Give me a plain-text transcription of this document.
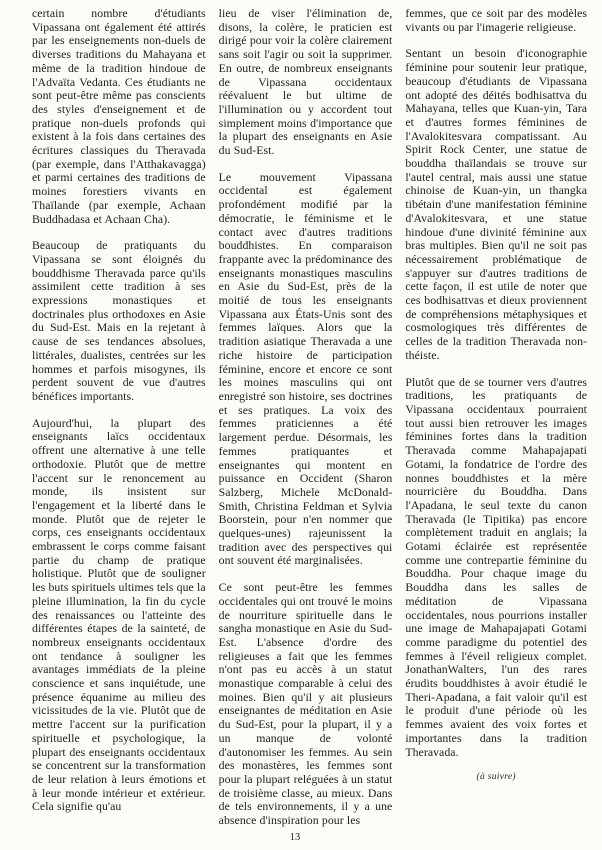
certain nombre d'étudiants Vipassana ont également été attirés par les enseignements non-duels de diverses traditions du Mahayana et même de la tradition hindoue de l'Advaïta Vedanta. Ces étudiants ne sont peut-être même pas conscients des styles d'enseignement et de pratique non-duels profonds qui existent à la fois dans certaines des écritures classiques du Theravada (par exemple, dans l'Atthakavagga) et parmi certaines des traditions de moines forestiers vivants en Thaïlande (par exemple, Achaan Buddhadasa et Achaan Cha).

Beaucoup de pratiquants du Vipassana se sont éloignés du bouddhisme Theravada parce qu'ils assimilent cette tradition à ses expressions monastiques et doctrinales plus orthodoxes en Asie du Sud-Est. Mais en la rejetant à cause de ses tendances absolues, littérales, dualistes, centrées sur les hommes et parfois misogynes, ils perdent souvent de vue d'autres bénéfices importants.

Aujourd'hui, la plupart des enseignants laïcs occidentaux offrent une alternative à une telle orthodoxie. Plutôt que de mettre l'accent sur le renoncement au monde, ils insistent sur l'engagement et la liberté dans le monde. Plutôt que de rejeter le corps, ces enseignants occidentaux embrassent le corps comme faisant partie du champ de pratique holistique. Plutôt que de souligner les buts spirituels ultimes tels que la pleine illumination, la fin du cycle des renaissances ou l'atteinte des différentes étapes de la sainteté, de nombreux enseignants occidentaux ont tendance à souligner les avantages immédiats de la pleine conscience et sans inquiétude, une présence équanime au milieu des vicissitudes de la vie. Plutôt que de mettre l'accent sur la purification spirituelle et psychologique, la plupart des enseignants occidentaux se concentrent sur la transformation de leur relation à leurs émotions et à leur monde intérieur et extérieur. Cela signifie qu'au

lieu de viser l'élimination de, disons, la colère, le praticien est dirigé pour voir la colère clairement sans soit l'agir ou soit la supprimer. En outre, de nombreux enseignants de Vipassana occidentaux réévaluent le but ultime de l'illumination ou y accordent tout simplement moins d'importance que la plupart des enseignants en Asie du Sud-Est.

Le mouvement Vipassana occidental est également profondément modifié par la démocratie, le féminisme et le contact avec d'autres traditions bouddhistes. En comparaison frappante avec la prédominance des enseignants monastiques masculins en Asie du Sud-Est, près de la moitié de tous les enseignants Vipassana aux États-Unis sont des femmes laïques. Alors que la tradition asiatique Theravada a une riche histoire de participation féminine, encore et encore ce sont les moines masculins qui ont enregistré son histoire, ses doctrines et ses pratiques. La voix des femmes praticiennes a été largement perdue. Désormais, les femmes pratiquantes et enseignantes qui montent en puissance en Occident (Sharon Salzberg, Michele McDonald-Smith, Christina Feldman et Sylvia Boorstein, pour n'en nommer que quelques-unes) rajeunissent la tradition avec des perspectives qui ont souvent été marginalisées.

Ce sont peut-être les femmes occidentales qui ont trouvé le moins de nourriture spirituelle dans le sangha monastique en Asie du Sud-Est. L'absence d'ordre des religieuses a fait que les femmes n'ont pas eu accès à un statut monastique comparable à celui des moines. Bien qu'il y ait plusieurs enseignantes de méditation en Asie du Sud-Est, pour la plupart, il y a un manque de volonté d'autonomiser les femmes. Au sein des monastères, les femmes sont pour la plupart reléguées à un statut de troisième classe, au mieux. Dans de tels environnements, il y a une absence d'inspiration pour les

femmes, que ce soit par des modèles vivants ou par l'imagerie religieuse.

Sentant un besoin d'iconographie féminine pour soutenir leur pratique, beaucoup d'étudiants de Vipassana ont adopté des déités bodhisattva du Mahayana, telles que Kuan-yin, Tara et d'autres formes féminines de l'Avalokitesvara compatissant. Au Spirit Rock Center, une statue de bouddha thaïlandais se trouve sur l'autel central, mais aussi une statue chinoise de Kuan-yin, un thangka tibétain d'une manifestation féminine d'Avalokitesvara, et une statue hindoue d'une divinité féminine aux bras multiples. Bien qu'il ne soit pas nécessairement problématique de s'appuyer sur d'autres traditions de cette façon, il est utile de noter que ces bodhisattvas et dieux proviennent de compréhensions métaphysiques et cosmologiques très différentes de celles de la tradition Theravada non-théiste.

Plutôt que de se tourner vers d'autres traditions, les pratiquants de Vipassana occidentaux pourraient tout aussi bien retrouver les images féminines fortes dans la tradition Theravada comme Mahapajapati Gotami, la fondatrice de l'ordre des nonnes bouddhistes et la mère nourricière du Bouddha. Dans l'Apadana, le seul texte du canon Theravada (le Tipitika) pas encore complètement traduit en anglais; la Gotami éclairée est représentée comme une contrepartie féminine du Bouddha. Pour chaque image du Bouddha dans les salles de méditation de Vipassana occidentales, nous pourrions installer une image de Mahapajapati Gotami comme paradigme du potentiel des femmes à l'éveil religieux complet. JonathanWalters, l'un des rares érudits bouddhistes à avoir étudié le Theri-Apadana, a fait valoir qu'il est le produit d'une période où les femmes avaient des voix fortes et importantes dans la tradition Theravada.

(à suivre)
13
